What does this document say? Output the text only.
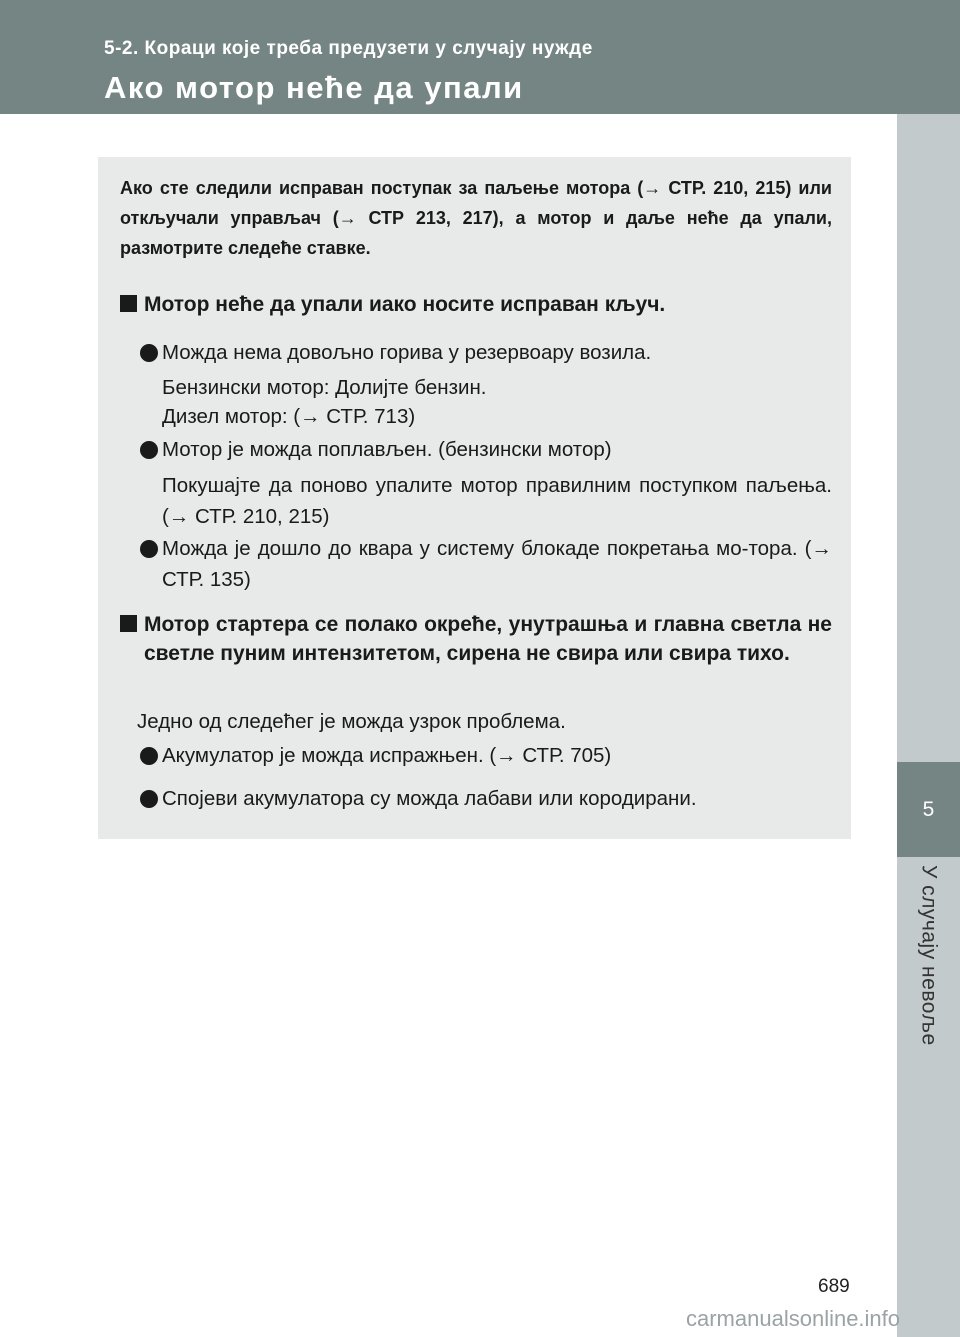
5-2. Кораци које треба предузети у случају нужде
Ако мотор неће да упали
5
У случају невоље
Ако сте следили исправан поступак за паљење мотора (→ СТР. 210, 215) или откључали управљач (→ СТР 213, 217), а мотор и даље неће да упали, размотрите следеће ставке.
Мотор неће да упали иако носите исправан кључ.
Можда нема довољно горива у резервоару возила.
Бензински мотор: Долијте бензин.
Дизел мотор: (→ СТР. 713)
Мотор је можда поплављен. (бензински мотор)
Покушајте да поново упалите мотор правилним поступком паљења. (→ СТР. 210, 215)
Можда је дошло до квара у систему блокаде покретања мо-тора. (→ СТР. 135)
Мотор стартера се полако окреће, унутрашња и главна светла не светле пуним интензитетом, сирена не свира или свира тихо.
Једно од следећег је можда узрок проблема.
Акумулатор је можда испражњен. (→ СТР. 705)
Спојеви акумулатора су можда лабави или кородирани.
689
carmanualsonline.info
